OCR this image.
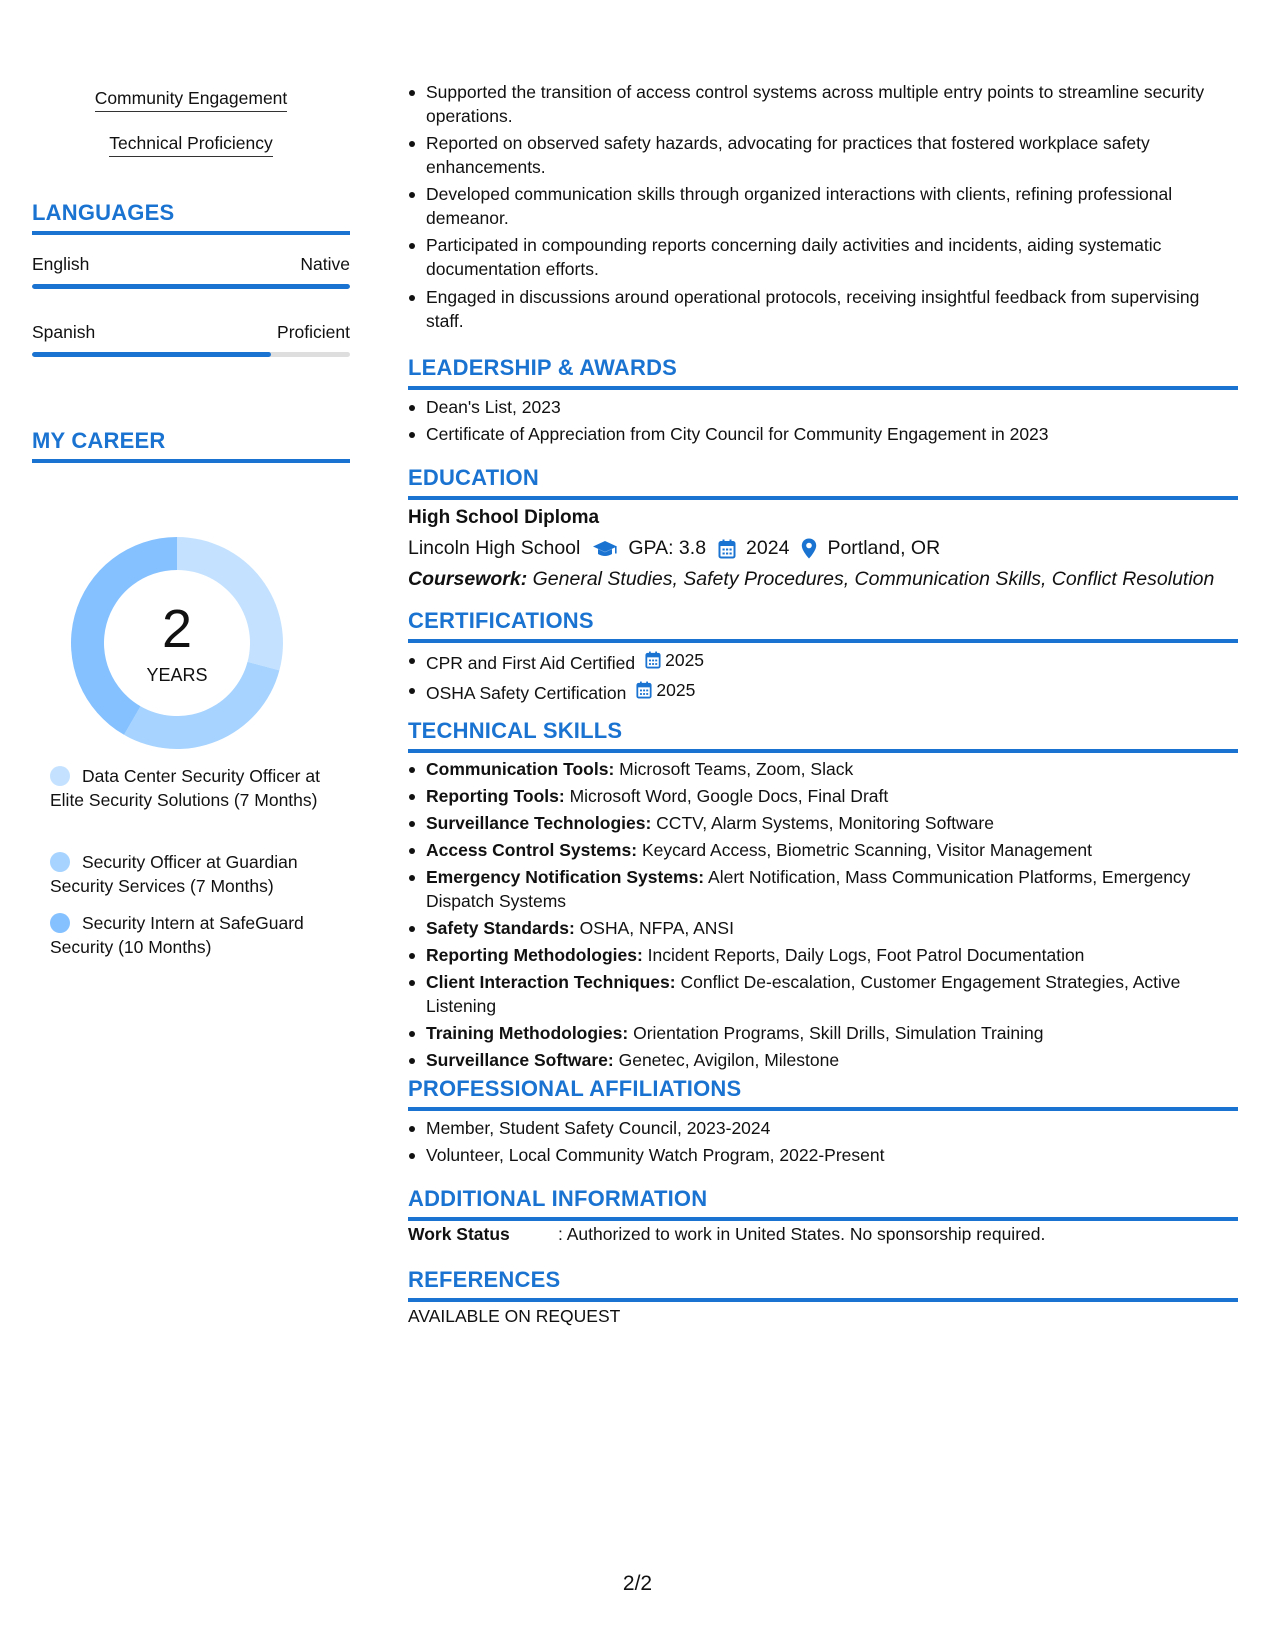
Community Engagement
Technical Proficiency
LANGUAGES
English	Native
Spanish	Proficient
MY CAREER
2
YEARS
Data Center Security Officer at Elite Security Solutions (7 Months)
Security Officer at Guardian Security Services (7 Months)
Security Intern at SafeGuard Security (10 Months)
Supported the transition of access control systems across multiple entry points to streamline security operations.
Reported on observed safety hazards, advocating for practices that fostered workplace safety enhancements.
Developed communication skills through organized interactions with clients, refining professional demeanor.
Participated in compounding reports concerning daily activities and incidents, aiding systematic documentation efforts.
Engaged in discussions around operational protocols, receiving insightful feedback from supervising staff.
LEADERSHIP & AWARDS
Dean's List, 2023
Certificate of Appreciation from City Council for Community Engagement in 2023
EDUCATION
High School Diploma
Lincoln High School GPA: 3.8 2024 Portland, OR
Coursework: General Studies, Safety Procedures, Communication Skills, Conflict Resolution
CERTIFICATIONS
CPR and First Aid Certified 2025
OSHA Safety Certification 2025
TECHNICAL SKILLS
Communication Tools: Microsoft Teams, Zoom, Slack
Reporting Tools: Microsoft Word, Google Docs, Final Draft
Surveillance Technologies: CCTV, Alarm Systems, Monitoring Software
Access Control Systems: Keycard Access, Biometric Scanning, Visitor Management
Emergency Notification Systems: Alert Notification, Mass Communication Platforms, Emergency Dispatch Systems
Safety Standards: OSHA, NFPA, ANSI
Reporting Methodologies: Incident Reports, Daily Logs, Foot Patrol Documentation
Client Interaction Techniques: Conflict De-escalation, Customer Engagement Strategies, Active Listening
Training Methodologies: Orientation Programs, Skill Drills, Simulation Training
Surveillance Software: Genetec, Avigilon, Milestone
PROFESSIONAL AFFILIATIONS
Member, Student Safety Council, 2023-2024
Volunteer, Local Community Watch Program, 2022-Present
ADDITIONAL INFORMATION
Work Status	: Authorized to work in United States. No sponsorship required.
REFERENCES
AVAILABLE ON REQUEST
2/2
